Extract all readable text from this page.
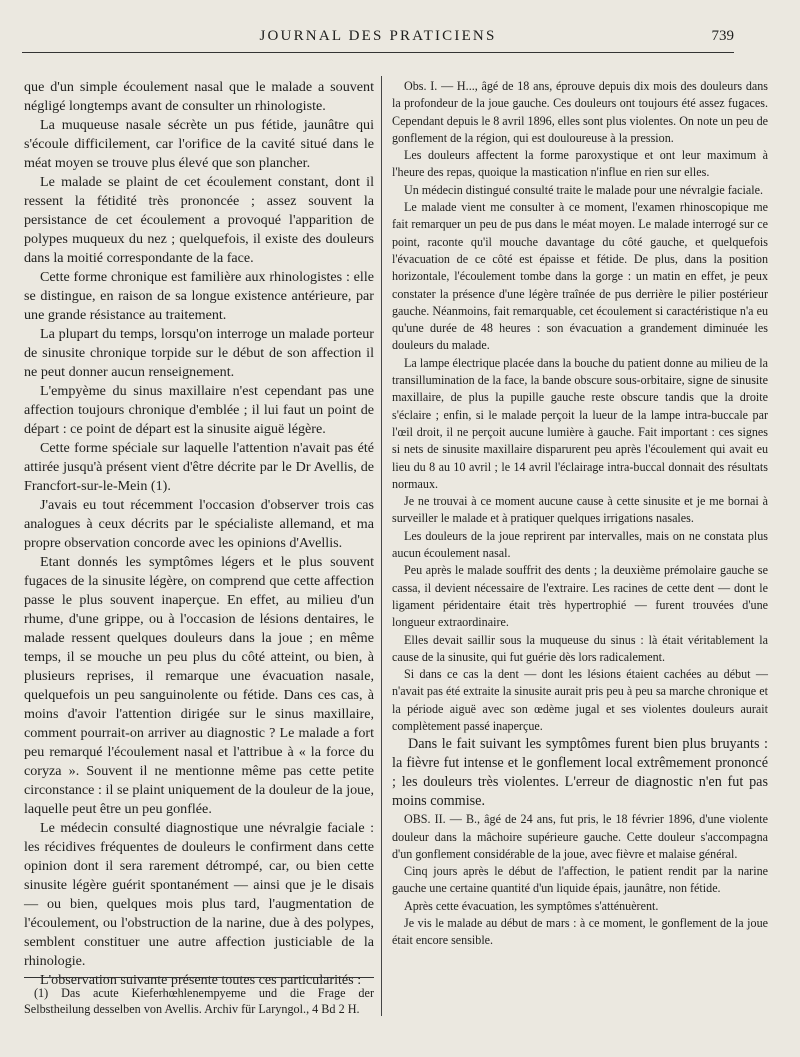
JOURNAL DES PRATICIENS	739

que d'un simple écoulement nasal que le malade a souvent négligé longtemps avant de consulter un rhinologiste.

La muqueuse nasale sécrète un pus fétide, jaunâtre qui s'écoule difficilement, car l'orifice de la cavité situé dans le méat moyen se trouve plus élevé que son plancher.

Le malade se plaint de cet écoulement constant, dont il ressent la fétidité très prononcée ; assez souvent la persistance de cet écoulement a provoqué l'apparition de polypes muqueux du nez ; quelquefois, il existe des douleurs dans la moitié correspondante de la face.

Cette forme chronique est familière aux rhinologistes : elle se distingue, en raison de sa longue existence antérieure, par une grande résistance au traitement.

La plupart du temps, lorsqu'on interroge un malade porteur de sinusite chronique torpide sur le début de son affection il ne peut donner aucun renseignement.

L'empyème du sinus maxillaire n'est cependant pas une affection toujours chronique d'emblée ; il lui faut un point de départ : ce point de départ est la sinusite aiguë légère.

Cette forme spéciale sur laquelle l'attention n'avait pas été attirée jusqu'à présent vient d'être décrite par le Dr Avellis, de Francfort-sur-le-Mein (1).

J'avais eu tout récemment l'occasion d'observer trois cas analogues à ceux décrits par le spécialiste allemand, et ma propre observation concorde avec les opinions d'Avellis.

Etant donnés les symptômes légers et le plus souvent fugaces de la sinusite légère, on comprend que cette affection passe le plus souvent inaperçue. En effet, au milieu d'un rhume, d'une grippe, ou à l'occasion de lésions dentaires, le malade ressent quelques douleurs dans la joue ; en même temps, il se mouche un peu plus du côté atteint, ou bien, à plusieurs reprises, il remarque une évacuation nasale, quelquefois un peu sanguinolente ou fétide. Dans ces cas, à moins d'avoir l'attention dirigée sur le sinus maxillaire, comment pourrait-on arriver au diagnostic ? Le malade a fort peu remarqué l'écoulement nasal et l'attribue à « la force du coryza ». Souvent il ne mentionne même pas cette petite circonstance : il se plaint uniquement de la douleur de la joue, laquelle peut être un peu gonflée.

Le médecin consulté diagnostique une névralgie faciale : les récidives fréquentes de douleurs le confirment dans cette opinion dont il sera rarement détrompé, car, ou bien cette sinusite légère guérit spontanément — ainsi que je le disais — ou bien, quelques mois plus tard, l'augmentation de l'écoulement, ou l'obstruction de la narine, due à des polypes, semblent constituer une autre affection justiciable de la rhinologie.

L'observation suivante présente toutes ces particularités :

Obs. I. — H..., âgé de 18 ans, éprouve depuis dix mois des douleurs dans la profondeur de la joue gauche. Ces douleurs ont toujours été assez fugaces. Cependant depuis le 8 avril 1896, elles sont plus violentes. On note un peu de gonflement de la région, qui est douloureuse à la pression.

Les douleurs affectent la forme paroxystique et ont leur maximum à l'heure des repas, quoique la mastication n'influe en rien sur elles.

Un médecin distingué consulté traite le malade pour une névralgie faciale.

Le malade vient me consulter à ce moment, l'examen rhinoscopique me fait remarquer un peu de pus dans le méat moyen. Le malade interrogé sur ce point, raconte qu'il mouche davantage du côté gauche, et quelquefois l'évacuation de ce côté est épaisse et fétide. De plus, dans la position horizontale, l'écoulement tombe dans la gorge : un matin en effet, je peux constater la présence d'une légère traînée de pus derrière le pilier postérieur gauche. Néanmoins, fait remarquable, cet écoulement si caractéristique n'a eu qu'une durée de 48 heures : son évacuation a grandement diminuée les douleurs du malade.

La lampe électrique placée dans la bouche du patient donne au milieu de la transillumination de la face, la bande obscure sous-orbitaire, signe de sinusite maxillaire, de plus la pupille gauche reste obscure tandis que la droite s'éclaire ; enfin, si le malade perçoit la lueur de la lampe intra-buccale par l'œil droit, il ne perçoit aucune lumière à gauche. Fait important : ces signes si nets de sinusite maxillaire disparurent peu après l'écoulement qui avait eu lieu du 8 au 10 avril ; le 14 avril l'éclairage intra-buccal donnait des résultats normaux.

Je ne trouvai à ce moment aucune cause à cette sinusite et je me bornai à surveiller le malade et à pratiquer quelques irrigations nasales.

Les douleurs de la joue reprirent par intervalles, mais on ne constata plus aucun écoulement nasal.

Peu après le malade souffrit des dents ; la deuxième prémolaire gauche se cassa, il devient nécessaire de l'extraire. Les racines de cette dent — dont le ligament péridentaire était très hypertrophié — furent trouvées d'une longueur extraordinaire.

Elles devait saillir sous la muqueuse du sinus : là était véritablement la cause de la sinusite, qui fut guérie dès lors radicalement.

Si dans ce cas la dent — dont les lésions étaient cachées au début — n'avait pas été extraite la sinusite aurait pris peu à peu sa marche chronique et la période aiguë avec son œdème jugal et ses violentes douleurs aurait complètement passé inaperçue.

Dans le fait suivant les symptômes furent bien plus bruyants : la fièvre fut intense et le gonflement local extrêmement prononcé ; les douleurs très violentes. L'erreur de diagnostic n'en fut pas moins commise.

OBS. II. — B., âgé de 24 ans, fut pris, le 18 février 1896, d'une violente douleur dans la mâchoire supérieure gauche. Cette douleur s'accompagna d'un gonflement considérable de la joue, avec fièvre et malaise général.

Cinq jours après le début de l'affection, le patient rendit par la narine gauche une certaine quantité d'un liquide épais, jaunâtre, non fétide.

Après cette évacuation, les symptômes s'atténuèrent.

Je vis le malade au début de mars : à ce moment, le gonflement de la joue était encore sensible.

(1) Das acute Kieferhœhlenempyeme und die Frage der Selbstheilung desselben von Avellis. Archiv für Laryngol., 4 Bd 2 H.
